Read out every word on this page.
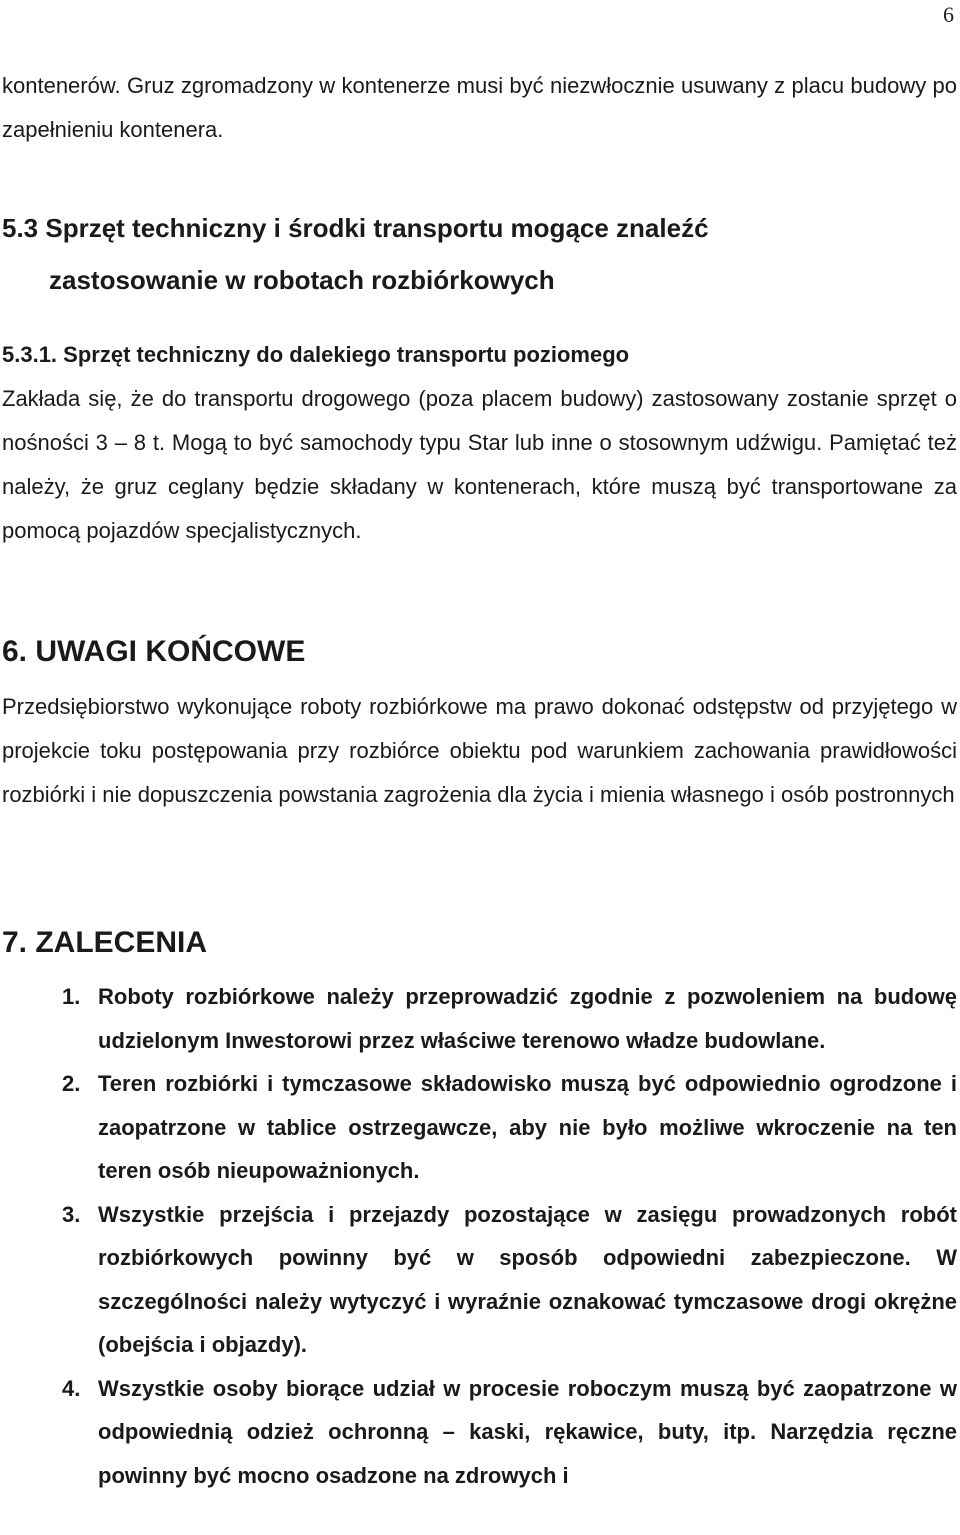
6

kontenerów. Gruz zgromadzony w kontenerze musi być niezwłocznie usuwany z placu budowy po zapełnieniu kontenera.

5.3 Sprzęt techniczny i środki transportu mogące znaleźć
zastosowanie w robotach rozbiórkowych
5.3.1. Sprzęt techniczny do dalekiego transportu poziomego

Zakłada się, że do transportu drogowego (poza placem budowy) zastosowany zostanie sprzęt o nośności 3 – 8 t. Mogą to być samochody typu Star lub inne o stosownym udźwigu. Pamiętać też należy, że gruz ceglany będzie składany w kontenerach, które muszą być transportowane za pomocą pojazdów specjalistycznych.

6. UWAGI KOŃCOWE

Przedsiębiorstwo wykonujące roboty rozbiórkowe ma prawo dokonać odstępstw od przyjętego w projekcie toku postępowania przy rozbiórce obiektu pod warunkiem zachowania prawidłowości rozbiórki i nie dopuszczenia powstania zagrożenia dla życia i mienia własnego i osób postronnych

7. ZALECENIA
1. Roboty rozbiórkowe należy przeprowadzić zgodnie z pozwoleniem na budowę udzielonym Inwestorowi przez właściwe terenowo władze budowlane.
2. Teren rozbiórki i tymczasowe składowisko muszą być odpowiednio ogrodzone i zaopatrzone w tablice ostrzegawcze, aby nie było możliwe wkroczenie na ten teren osób nieupoważnionych.
3. Wszystkie przejścia i przejazdy pozostające w zasięgu prowadzonych robót rozbiórkowych powinny być w sposób odpowiedni zabezpieczone. W szczególności należy wytyczyć i wyraźnie oznakować tymczasowe drogi okrężne (obejścia i objazdy).
4. Wszystkie osoby biorące udział w procesie roboczym muszą być zaopatrzone w odpowiednią odzież ochronną – kaski, rękawice, buty, itp. Narzędzia ręczne powinny być mocno osadzone na zdrowych i
